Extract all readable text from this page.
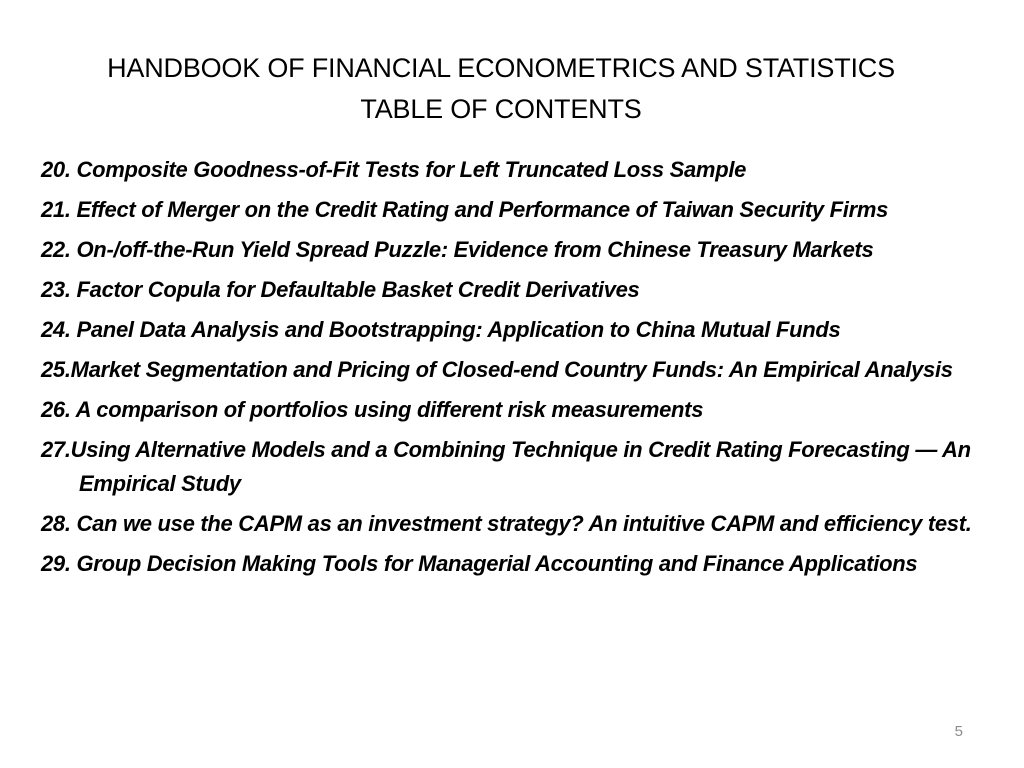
HANDBOOK OF FINANCIAL ECONOMETRICS AND STATISTICS
TABLE OF CONTENTS
20. Composite Goodness-of-Fit Tests for Left Truncated Loss Sample
21. Effect of Merger on the Credit Rating and Performance of Taiwan Security Firms
22. On-/off-the-Run Yield Spread Puzzle: Evidence from Chinese Treasury Markets
23. Factor Copula for Defaultable Basket Credit Derivatives
24. Panel Data Analysis and Bootstrapping: Application to China Mutual Funds
25.Market Segmentation and Pricing of Closed-end Country Funds: An Empirical Analysis
26. A comparison of portfolios using different risk measurements
27.Using Alternative Models and a Combining Technique in Credit Rating Forecasting — An Empirical Study
28. Can we use the CAPM as an investment strategy? An intuitive CAPM and efficiency test.
29. Group Decision Making Tools for Managerial Accounting and Finance Applications
5
